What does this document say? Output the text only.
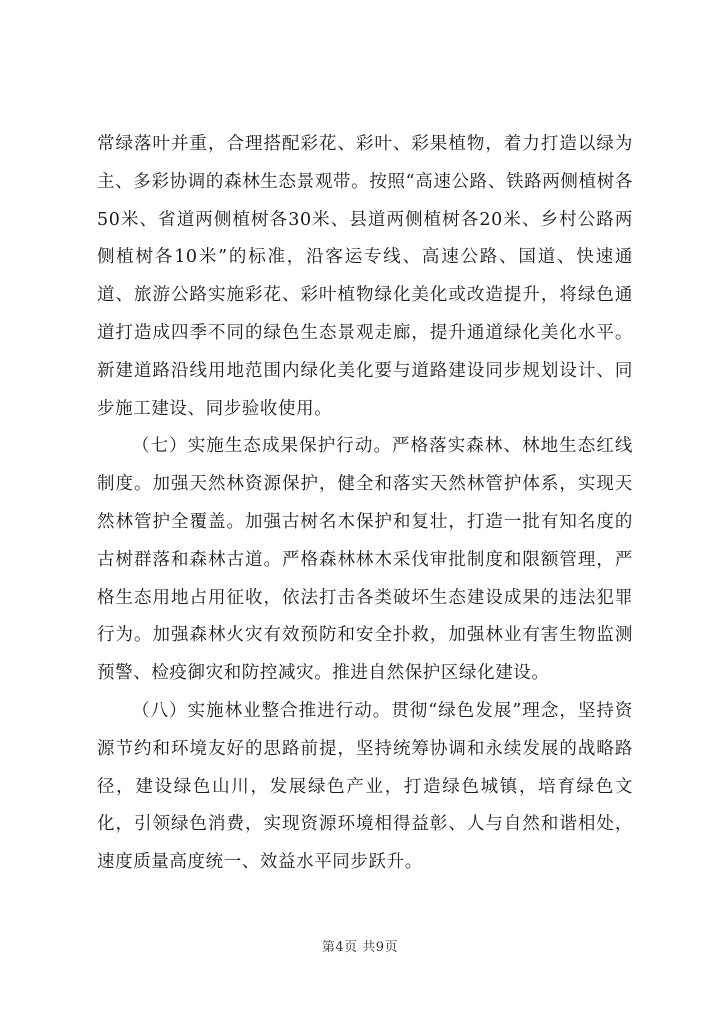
常绿落叶并重，合理搭配彩花、彩叶、彩果植物，着力打造以绿为主、多彩协调的森林生态景观带。按照“高速公路、铁路两侧植树各50米、省道两侧植树各30米、县道两侧植树各20米、乡村公路两侧植树各10米”的标准，沿客运专线、高速公路、国道、快速通道、旅游公路实施彩花、彩叶植物绿化美化或改造提升，将绿色通道打造成四季不同的绿色生态景观走廊，提升通道绿化美化水平。新建道路沿线用地范围内绿化美化要与道路建设同步规划设计、同步施工建设、同步验收使用。

（七）实施生态成果保护行动。严格落实森林、林地生态红线制度。加强天然林资源保护，健全和落实天然林管护体系，实现天然林管护全覆盖。加强古树名木保护和复壮，打造一批有知名度的古树群落和森林古道。严格森林林木采伐审批制度和限额管理，严格生态用地占用征收，依法打击各类破坏生态建设成果的违法犯罪行为。加强森林火灾有效预防和安全扑救，加强林业有害生物监测预警、检疫御灾和防控减灾。推进自然保护区绿化建设。

（八）实施林业整合推进行动。贯彻“绿色发展”理念，坚持资源节约和环境友好的思路前提，坚持统筹协调和永续发展的战略路径，建设绿色山川，发展绿色产业，打造绿色城镇，培育绿色文化，引领绿色消费，实现资源环境相得益彰、人与自然和谐相处，速度质量高度统一、效益水平同步跃升。

第4页 共9页
